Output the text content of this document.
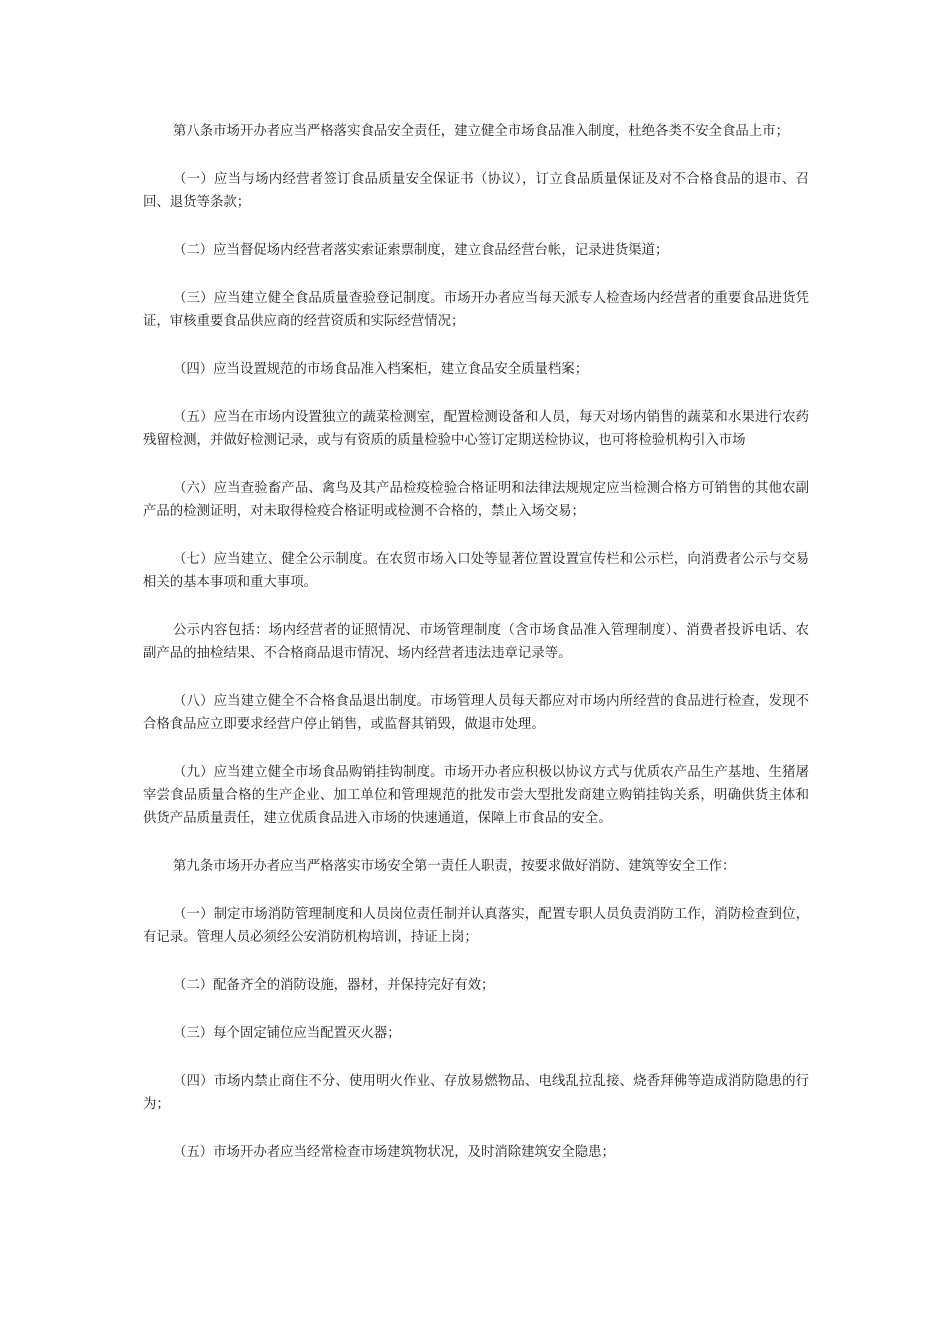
第八条市场开办者应当严格落实食品安全责任，建立健全市场食品准入制度，杜绝各类不安全食品上市；

（一）应当与场内经营者签订食品质量安全保证书（协议），订立食品质量保证及对不合格食品的退市、召回、退货等条款；

（二）应当督促场内经营者落实索证索票制度，建立食品经营台帐，记录进货渠道；

（三）应当建立健全食品质量查验登记制度。市场开办者应当每天派专人检查场内经营者的重要食品进货凭证，审核重要食品供应商的经营资质和实际经营情况；

（四）应当设置规范的市场食品准入档案柜，建立食品安全质量档案；

（五）应当在市场内设置独立的蔬菜检测室，配置检测设备和人员，每天对场内销售的蔬菜和水果进行农药残留检测，并做好检测记录，或与有资质的质量检验中心签订定期送检协议，也可将检验机构引入市场

（六）应当查验畜产品、禽鸟及其产品检疫检验合格证明和法律法规规定应当检测合格方可销售的其他农副产品的检测证明，对未取得检疫合格证明或检测不合格的，禁止入场交易；

（七）应当建立、健全公示制度。在农贸市场入口处等显著位置设置宣传栏和公示栏，向消费者公示与交易相关的基本事项和重大事项。

公示内容包括：场内经营者的证照情况、市场管理制度（含市场食品准入管理制度）、消费者投诉电话、农副产品的抽检结果、不合格商品退市情况、场内经营者违法违章记录等。

（八）应当建立健全不合格食品退出制度。市场管理人员每天都应对市场内所经营的食品进行检查，发现不合格食品应立即要求经营户停止销售，或监督其销毁，做退市处理。

（九）应当建立健全市场食品购销挂钩制度。市场开办者应积极以协议方式与优质农产品生产基地、生猪屠宰尝食品质量合格的生产企业、加工单位和管理规范的批发市尝大型批发商建立购销挂钩关系，明确供货主体和供货产品质量责任，建立优质食品进入市场的快速通道，保障上市食品的安全。

第九条市场开办者应当严格落实市场安全第一责任人职责，按要求做好消防、建筑等安全工作：

（一）制定市场消防管理制度和人员岗位责任制并认真落实，配置专职人员负责消防工作，消防检查到位，有记录。管理人员必须经公安消防机构培训，持证上岗；

（二）配备齐全的消防设施，器材，并保持完好有效；

（三）每个固定铺位应当配置灭火器；

（四）市场内禁止商住不分、使用明火作业、存放易燃物品、电线乱拉乱接、烧香拜佛等造成消防隐患的行为；

（五）市场开办者应当经常检查市场建筑物状况，及时消除建筑安全隐患；
